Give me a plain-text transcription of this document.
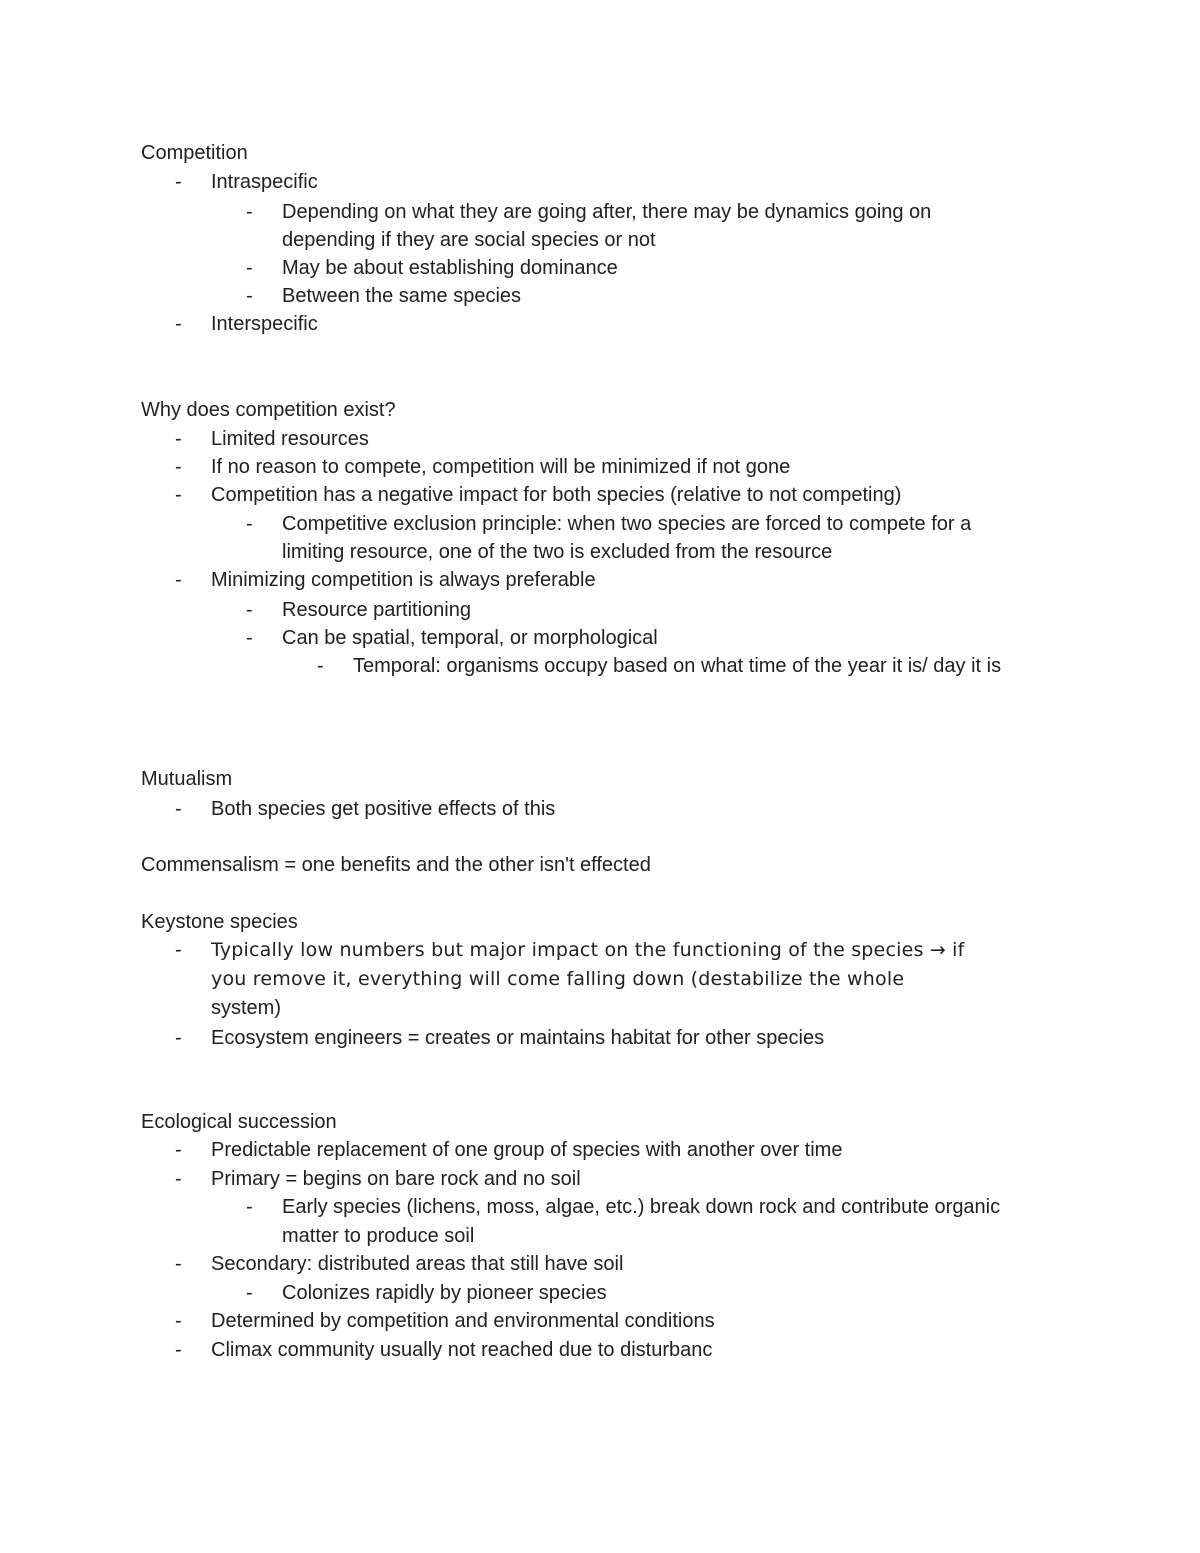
Competition
- Intraspecific
- Depending on what they are going after, there may be dynamics going on
depending if they are social species or not
- May be about establishing dominance
- Between the same species
- Interspecific
Why does competition exist?
- Limited resources
- If no reason to compete, competition will be minimized if not gone
- Competition has a negative impact for both species (relative to not competing)
- Competitive exclusion principle: when two species are forced to compete for a
limiting resource, one of the two is excluded from the resource
- Minimizing competition is always preferable
- Resource partitioning
- Can be spatial, temporal, or morphological
- Temporal: organisms occupy based on what time of the year it is/ day it is
Mutualism
- Both species get positive effects of this
Commensalism = one benefits and the other isn't effected
Keystone species
- Typically low numbers but major impact on the functioning of the species → if
you remove it, everything will come falling down (destabilize the whole
system)
- Ecosystem engineers = creates or maintains habitat for other species
Ecological succession
- Predictable replacement of one group of species with another over time
- Primary = begins on bare rock and no soil
- Early species (lichens, moss, algae, etc.) break down rock and contribute organic
matter to produce soil
- Secondary: distributed areas that still have soil
- Colonizes rapidly by pioneer species
- Determined by competition and environmental conditions
- Climax community usually not reached due to disturbanc
